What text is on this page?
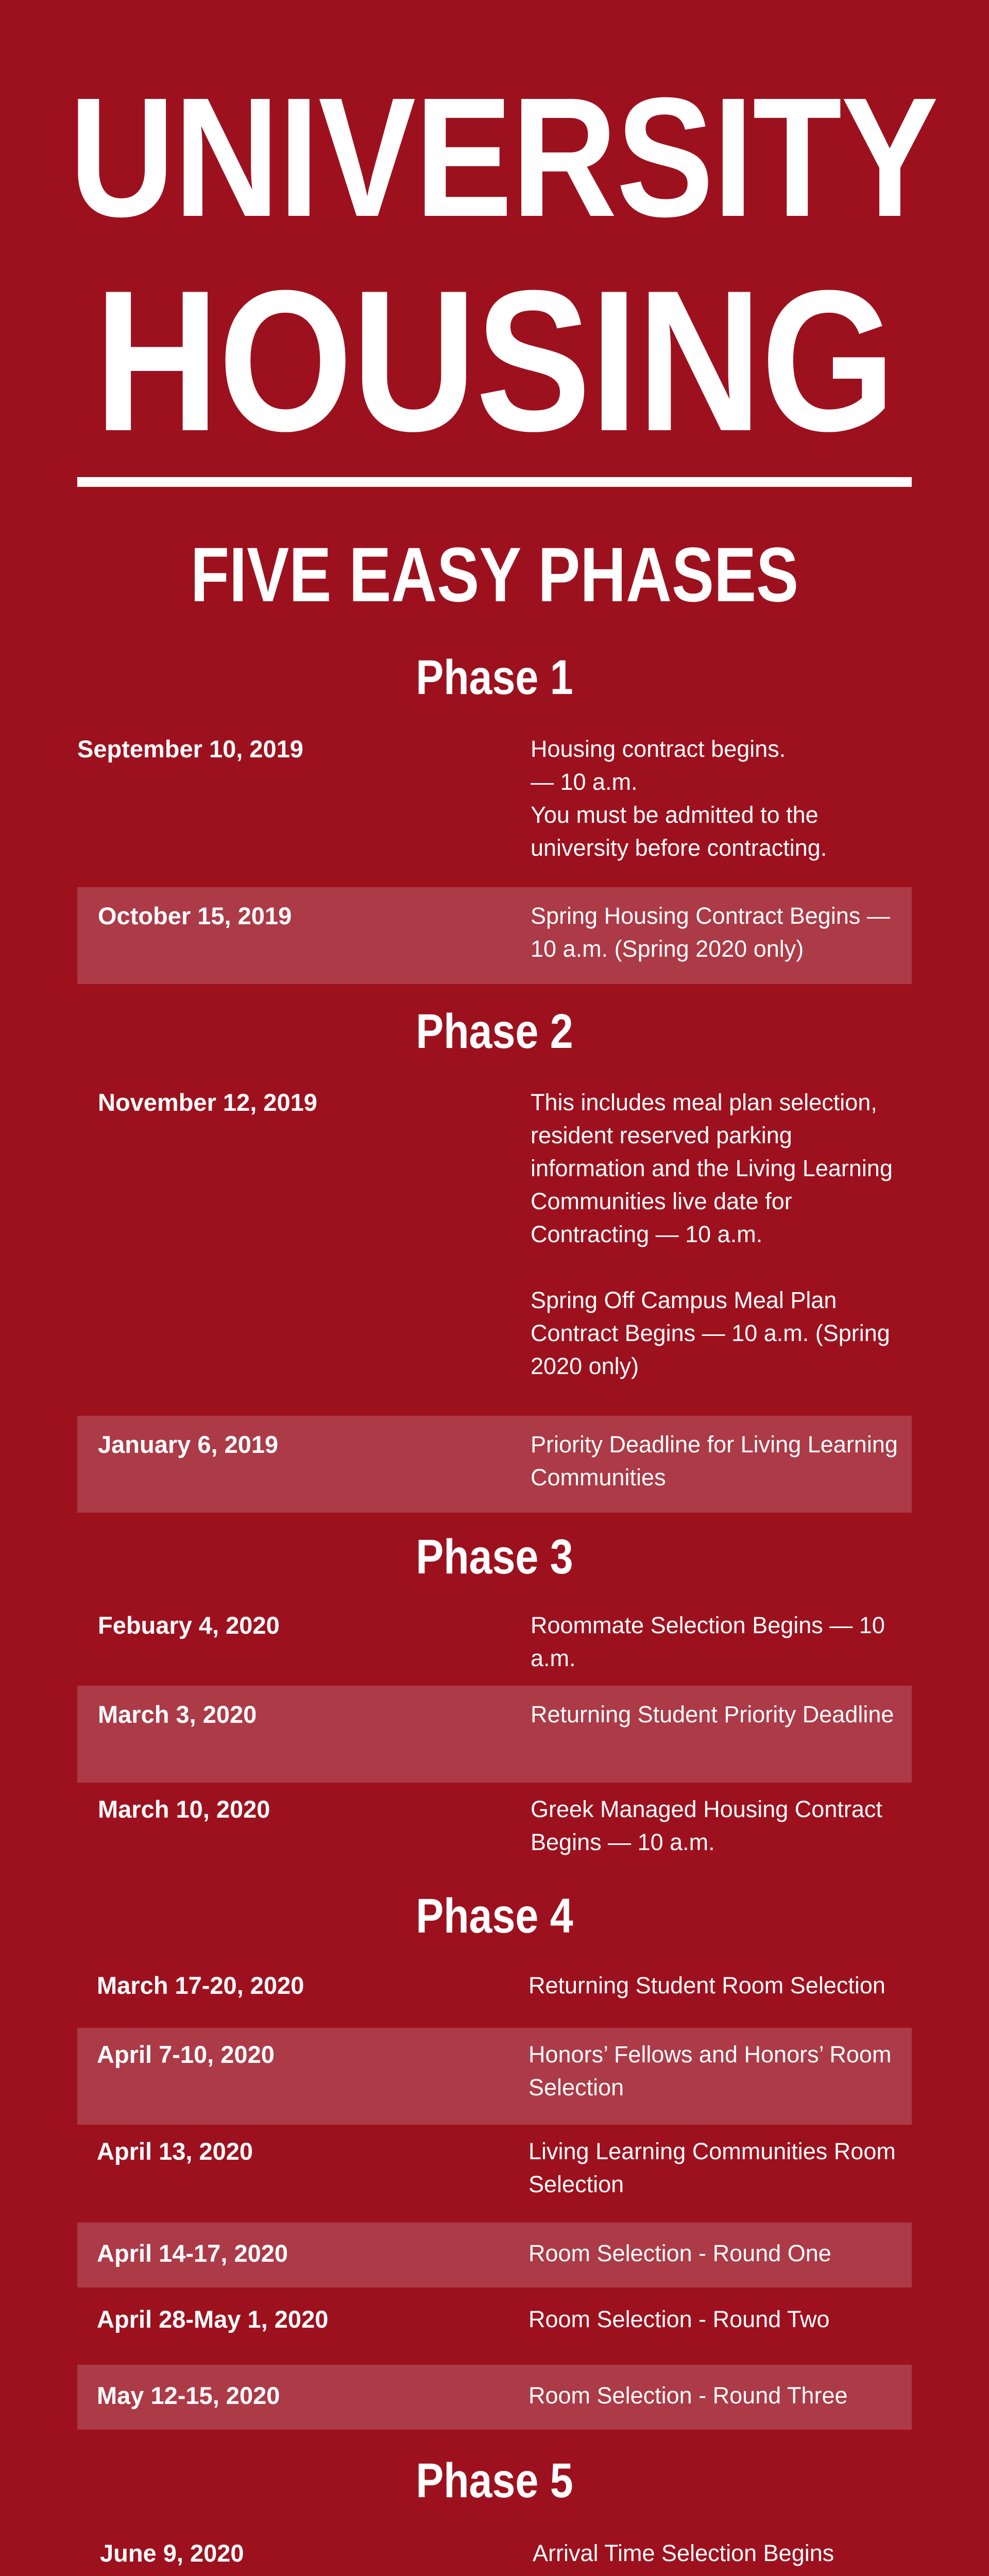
UNIVERSITY
HOUSING
FIVE EASY PHASES
Phase 1
September 10, 2019	Housing contract begins.
— 10 a.m.
You must be admitted to the university before contracting.
October 15, 2019	Spring Housing Contract Begins — 10 a.m. (Spring 2020 only)
Phase 2
November 12, 2019	This includes meal plan selection, resident reserved parking information and the Living Learning Communities live date for Contracting — 10 a.m.

Spring Off Campus Meal Plan Contract Begins — 10 a.m. (Spring 2020 only)
January 6, 2019	Priority Deadline for Living Learning Communities
Phase 3
Febuary 4, 2020	Roommate Selection Begins — 10 a.m.
March 3, 2020	Returning Student Priority Deadline
March 10, 2020	Greek Managed Housing Contract Begins — 10 a.m.
Phase 4
March 17-20, 2020	Returning Student Room Selection
April 7-10, 2020	Honors’ Fellows and Honors’ Room Selection
April 13, 2020	Living Learning Communities Room Selection
April 14-17, 2020	Room Selection - Round One
April 28-May 1, 2020	Room Selection - Round Two
May 12-15, 2020	Room Selection - Round Three
Phase 5
June 9, 2020	Arrival Time Selection Begins
